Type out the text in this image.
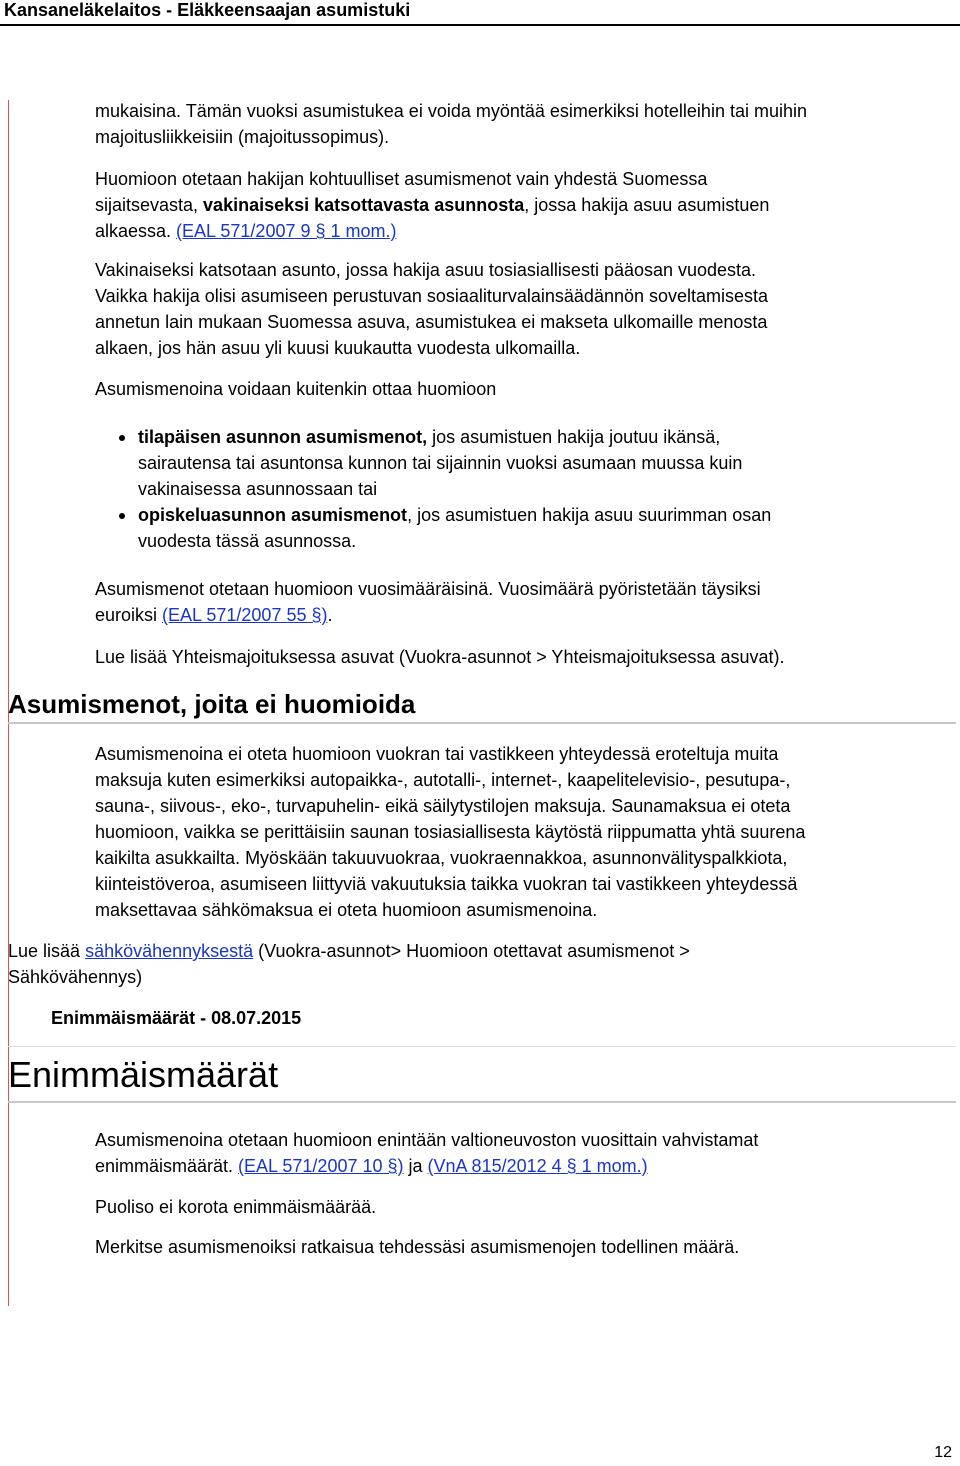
Kansaneläkelaitos - Eläkkeensaajan asumistuki
mukaisina. Tämän vuoksi asumistukea ei voida myöntää esimerkiksi hotelleihin tai muihin
majoitusliikkeisiin (majoitussopimus).
Huomioon otetaan hakijan kohtuulliset asumismenot vain yhdestä Suomessa
sijaitsevasta, vakinaiseksi katsottavasta asunnosta, jossa hakija asuu asumistuen
alkaessa. (EAL 571/2007 9 § 1 mom.)
Vakinaiseksi katsotaan asunto, jossa hakija asuu tosiasiallisesti pääosan vuodesta.
Vaikka hakija olisi asumiseen perustuvan sosiaaliturvalainsäädännön soveltamisesta
annetun lain mukaan Suomessa asuva, asumistukea ei makseta ulkomaille menosta
alkaen, jos hän asuu yli kuusi kuukautta vuodesta ulkomailla.
Asumismenoina voidaan kuitenkin ottaa huomioon
tilapäisen asunnon asumismenot, jos asumistuen hakija joutuu ikänsä,
sairautensa tai asuntonsa kunnon tai sijainnin vuoksi asumaan muussa kuin
vakinaisessa asunnossaan tai
opiskeluasunnon asumismenot, jos asumistuen hakija asuu suurimman osan
vuodesta tässä asunnossa.
Asumismenot otetaan huomioon vuosimääräisinä. Vuosimäärä pyöristetään täysiksi
euroiksi (EAL 571/2007 55 §).
Lue lisää Yhteismajoituksessa asuvat (Vuokra-asunnot > Yhteismajoituksessa asuvat).
Asumismenot, joita ei huomioida
Asumismenoina ei oteta huomioon vuokran tai vastikkeen yhteydessä eroteltuja muita
maksuja kuten esimerkiksi autopaikka-, autotalli-, internet-, kaapelitelevisio-, pesutupa-,
sauna-, siivous-, eko-, turvapuhelin- eikä säilytystilojen maksuja. Saunamaksua ei oteta
huomioon, vaikka se perittäisiin saunan tosiasiallisesta käytöstä riippumatta yhtä suurena
kaikilta asukkailta. Myöskään takuuvuokraa, vuokraennakkoa, asunnonvälityspalkkiota,
kiinteistöveroa, asumiseen liittyviä vakuutuksia taikka vuokran tai vastikkeen yhteydessä
maksettavaa sähkömaksua ei oteta huomioon asumismenoina.
Lue lisää sähkövähennyksestä (Vuokra-asunnot> Huomioon otettavat asumismenot >
Sähkövähennys)
Enimmäismäärät - 08.07.2015
Enimmäismäärät
Asumismenoina otetaan huomioon enintään valtioneuvoston vuosittain vahvistamat
enimmäismäärät. (EAL 571/2007 10 §) ja (VnA 815/2012 4 § 1 mom.)
Puoliso ei korota enimmäismäärää.
Merkitse asumismenoiksi ratkaisua tehdessäsi asumismenojen todellinen määrä.
12
